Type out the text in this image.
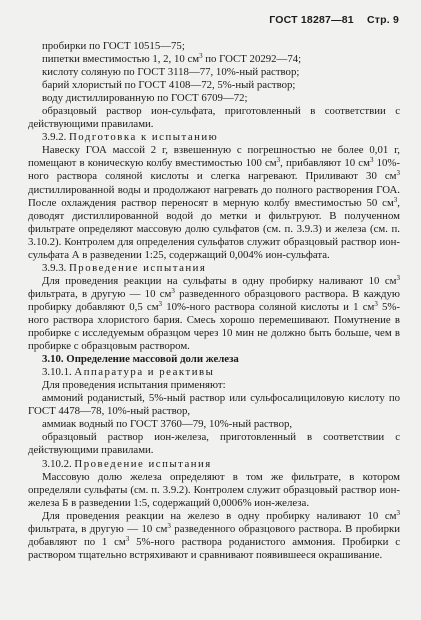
ГОСТ 18287—81 Стр. 9

пробирки по ГОСТ 10515—75;

пипетки вместимостью 1, 2, 10 $см^3$ по ГОСТ 20292—74;

кислоту соляную по ГОСТ 3118—77, 10%-ный раствор;

барий хлористый по ГОСТ 4108—72, 5%-ный раствор;

воду дистиллированную по ГОСТ 6709—72;

образцовый раствор ион-сульфата, приготовленный в соответствии с действующими правилами.

3.9.2. Подготовка к испытанию

Навеску ГОА массой 2 г, взвешенную с погрешностью не более 0,01 г, помещают в коническую колбу вместимостью 100 $см^3$, прибавляют 10 $см^3$ 10%-ного раствора соляной кислоты и слегка нагревают. Приливают 30 $см^3$ дистиллированной воды и продолжают нагревать до полного растворения ГОА. После охлаждения раствор переносят в мерную колбу вместимостью 50 $см^3$, доводят дистиллированной водой до метки и фильтруют. В полученном фильтрате определяют массовую долю сульфатов (см. п. 3.9.3) и железа (см. п. 3.10.2). Контролем для определения сульфатов служит образцовый раствор ион-сульфата А в разведении 1:25, содержащий 0,004% ион-сульфата.

3.9.3. Проведение испытания

Для проведения реакции на сульфаты в одну пробирку наливают 10 $см^3$ фильтрата, в другую — 10 $см^3$ разведенного образцового раствора. В каждую пробирку добавляют 0,5 $см^3$ 10%-ного раствора соляной кислоты и 1 $см^3$ 5%-ного раствора хлористого бария. Смесь хорошо перемешивают. Помутнение в пробирке с исследуемым образцом через 10 мин не должно быть больше, чем в пробирке с образцовым раствором.

3.10. Определение массовой доли железа

3.10.1. Аппаратура и реактивы

Для проведения испытания применяют:

аммоний роданистый, 5%-ный раствор или сульфосалициловую кислоту по ГОСТ 4478—78, 10%-ный раствор,

аммиак водный по ГОСТ 3760—79, 10%-ный раствор,

образцовый раствор ион-железа, приготовленный в соответствии с действующими правилами.

3.10.2. Проведение испытания

Массовую долю железа определяют в том же фильтрате, в котором определяли сульфаты (см. п. 3.9.2). Контролем служит образцовый раствор ион-железа Б в разведении 1:5, содержащий 0,0006% ион-железа.

Для проведения реакции на железо в одну пробирку наливают 10 $см^3$ фильтрата, в другую — 10 $см^3$ разведенного образцового раствора. В пробирки добавляют по 1 $см^3$ 5%-ного раствора роданистого аммония. Пробирки с раствором тщательно встряхивают и сравнивают появившееся окрашивание.
